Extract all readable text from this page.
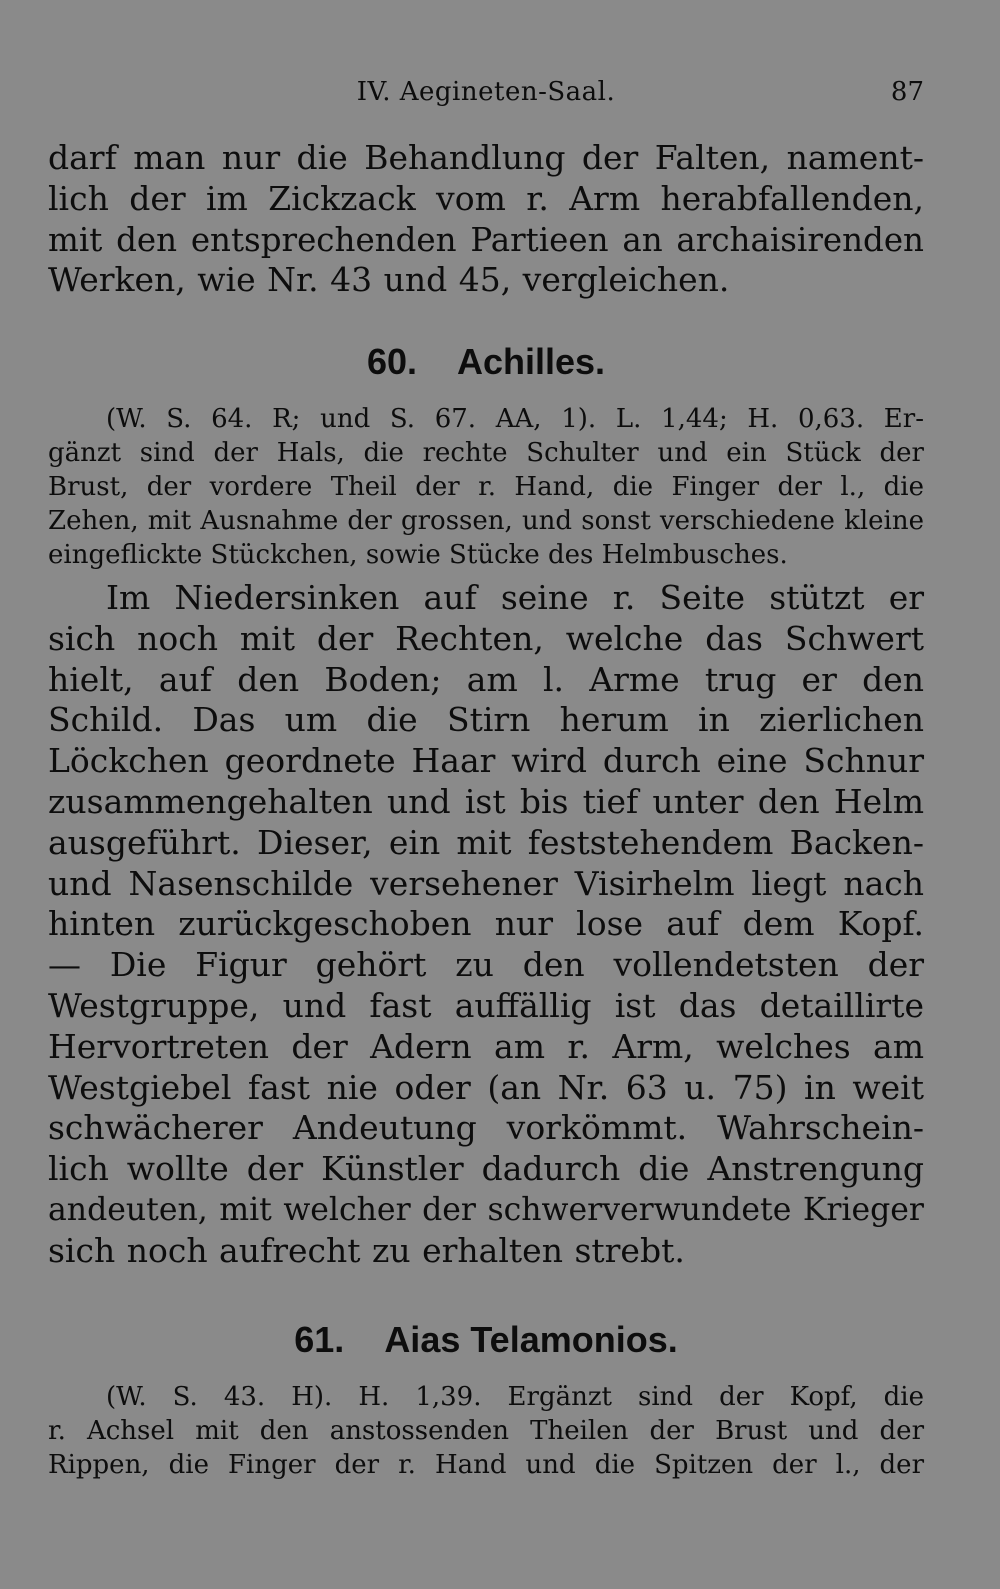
IV. Aegineten-Saal.	87

darf man nur die Behandlung der Falten, nament-
lich der im Zickzack vom r. Arm herabfallenden,
mit den entsprechenden Partieen an archaisirenden
Werken, wie Nr. 43 und 45, vergleichen.

60. Achilles.

(W. S. 64. R; und S. 67. AA, 1). L. 1,44; H. 0,63. Er-
gänzt sind der Hals, die rechte Schulter und ein Stück der
Brust, der vordere Theil der r. Hand, die Finger der l., die
Zehen, mit Ausnahme der grossen, und sonst verschiedene kleine
eingeflickte Stückchen, sowie Stücke des Helmbusches.

Im Niedersinken auf seine r. Seite stützt er
sich noch mit der Rechten, welche das Schwert
hielt, auf den Boden; am l. Arme trug er den
Schild. Das um die Stirn herum in zierlichen
Löckchen geordnete Haar wird durch eine Schnur
zusammengehalten und ist bis tief unter den Helm
ausgeführt. Dieser, ein mit feststehendem Backen-
und Nasenschilde versehener Visirhelm liegt nach
hinten zurückgeschoben nur lose auf dem Kopf.
— Die Figur gehört zu den vollendetsten der
Westgruppe, und fast auffällig ist das detaillirte
Hervortreten der Adern am r. Arm, welches am
Westgiebel fast nie oder (an Nr. 63 u. 75) in weit
schwächerer Andeutung vorkömmt. Wahrschein-
lich wollte der Künstler dadurch die Anstrengung
andeuten, mit welcher der schwerverwundete Krieger
sich noch aufrecht zu erhalten strebt.

61. Aias Telamonios.

(W. S. 43. H). H. 1,39. Ergänzt sind der Kopf, die
r. Achsel mit den anstossenden Theilen der Brust und der
Rippen, die Finger der r. Hand und die Spitzen der l., der
